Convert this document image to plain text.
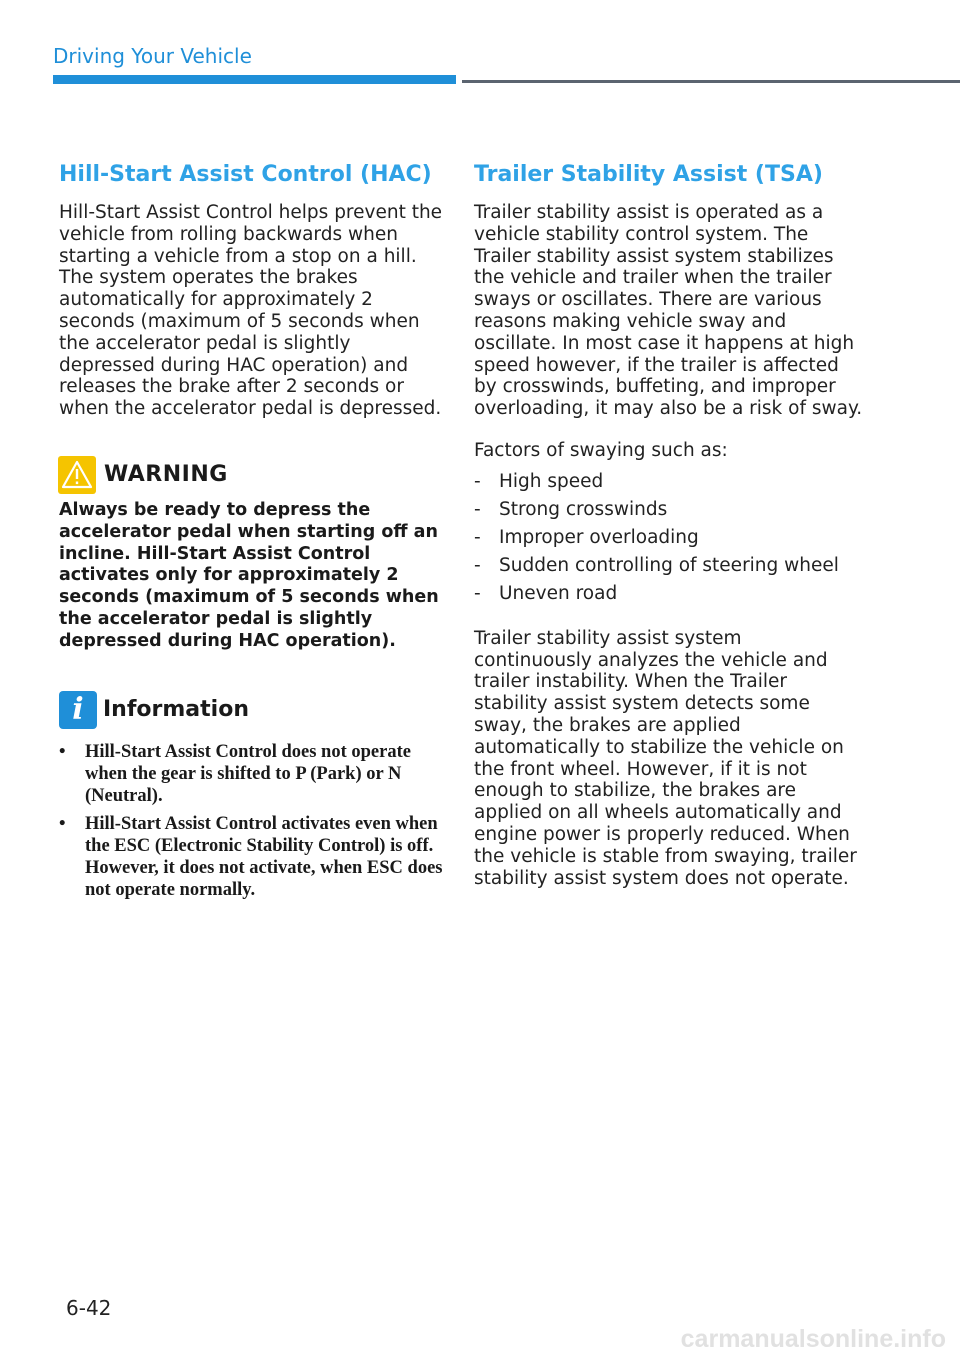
Driving Your Vehicle
Hill-Start Assist Control (HAC)

Hill-Start Assist Control helps prevent the vehicle from rolling backwards when starting a vehicle from a stop on a hill. The system operates the brakes automatically for approximately 2 seconds (maximum of 5 seconds when the accelerator pedal is slightly depressed during HAC operation) and releases the brake after 2 seconds or when the accelerator pedal is depressed.

WARNING

Always be ready to depress the accelerator pedal when starting off an incline. Hill-Start Assist Control activates only for approximately 2 seconds (maximum of 5 seconds when the accelerator pedal is slightly depressed during HAC operation).

i Information
• Hill-Start Assist Control does not operate when the gear is shifted to P (Park) or N (Neutral).
• Hill-Start Assist Control activates even when the ESC (Electronic Stability Control) is off. However, it does not activate, when ESC does not operate normally.
Trailer Stability Assist (TSA)

Trailer stability assist is operated as a vehicle stability control system. The Trailer stability assist system stabilizes the vehicle and trailer when the trailer sways or oscillates. There are various reasons making vehicle sway and oscillate. In most case it happens at high speed however, if the trailer is affected by crosswinds, buffeting, and improper overloading, it may also be a risk of sway.

Factors of swaying such as:

- High speed
- Strong crosswinds
- Improper overloading
- Sudden controlling of steering wheel
- Uneven road

Trailer stability assist system continuously analyzes the vehicle and trailer instability. When the Trailer stability assist system detects some sway, the brakes are applied automatically to stabilize the vehicle on the front wheel. However, if it is not enough to stabilize, the brakes are applied on all wheels automatically and engine power is properly reduced. When the vehicle is stable from swaying, trailer stability assist system does not operate.

6-42
carmanualsonline.info
